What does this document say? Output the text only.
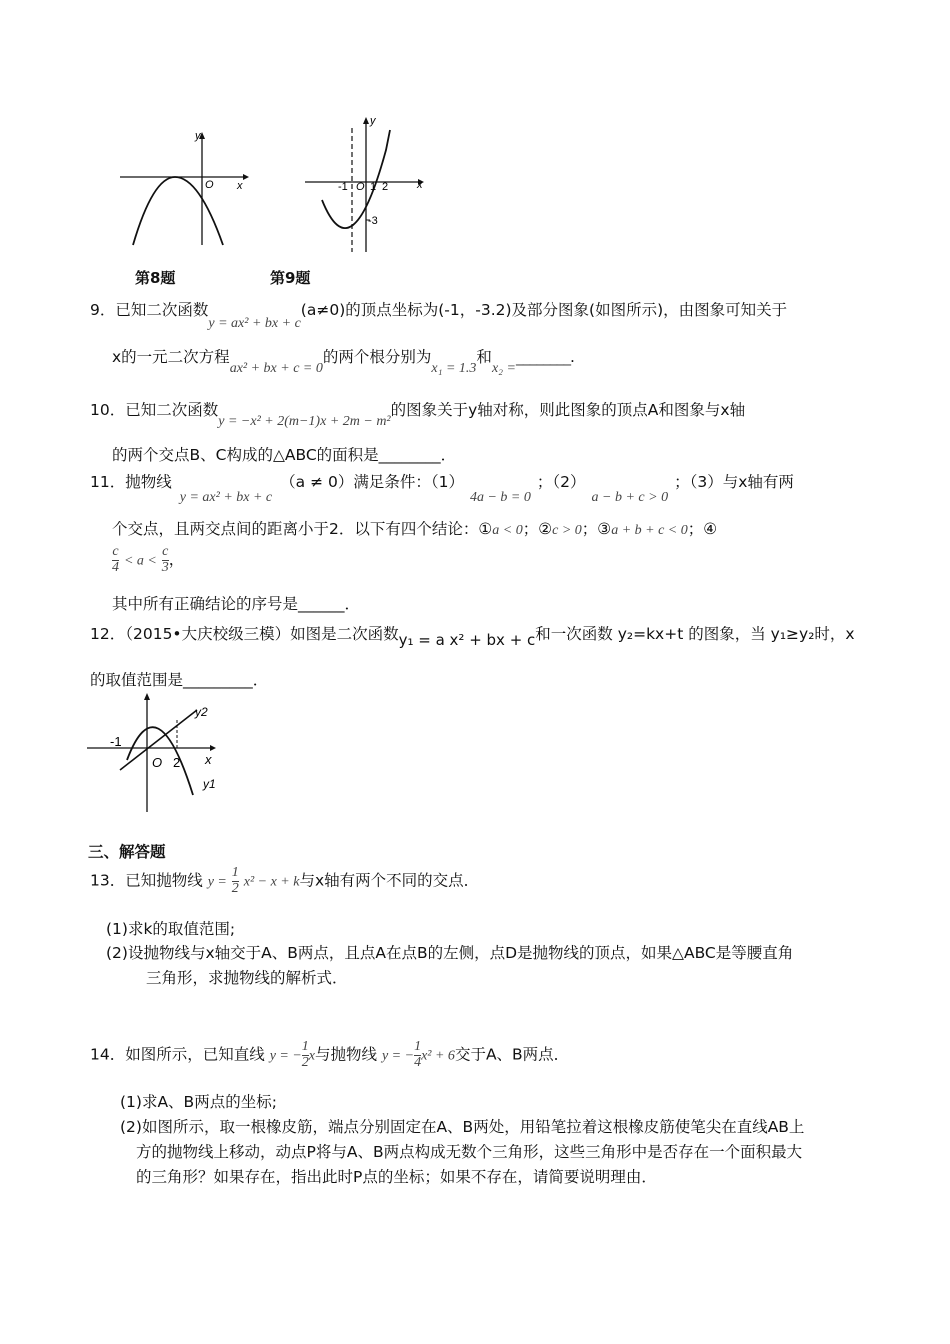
y
x
O
第8题
y
x
-1 O 1 2
-3
第9题
9．已知二次函数y = ax² + bx + c(a≠0)的顶点坐标为(-1，-3.2)及部分图象(如图所示)，由图象可知关于
x的一元二次方程ax² + bx + c = 0的两个根分别为x₁ = 1.3和x₂ =________.
10．已知二次函数y = −x² + 2(m−1)x + 2m − m²的图象关于y轴对称，则此图象的顶点A和图象与x轴
的两个交点B、C构成的△ABC的面积是________．
11．抛物线y = ax² + bx + c（a ≠ 0）满足条件：（1）4a − b = 0；（2）a − b + c > 0；（3）与x轴有两
个交点，且两交点间的距离小于2．以下有四个结论：①a < 0；②c > 0；③a + b + c < 0；④
$\frac{c}{4} < a < \frac{c}{3}$ ，
其中所有正确结论的序号是______．
12．（2015•大庆校级三模）如图是二次函数y₁ = a x² + bx + c和一次函数 y₂=kx+t 的图象，当 y₁≥y₂时，x
的取值范围是_________．
y2
-1
O 2 x
y1
三、解答题
13．已知抛物线 $y = \frac{1}{2} x^2 - x + k$与x轴有两个不同的交点．
(1)求k的取值范围;
(2)设抛物线与x轴交于A、B两点，且点A在点B的左侧，点D是抛物线的顶点，如果△ABC是等腰直角
三角形，求抛物线的解析式．
14．如图所示，已知直线 y = − $\frac{1}{2}$ x与抛物线 y = − $\frac{1}{4} x^2 + 6$交于A、B两点．
(1)求A、B两点的坐标;
(2)如图所示，取一根橡皮筋，端点分别固定在A、B两处，用铅笔拉着这根橡皮筋使笔尖在直线AB上
方的抛物线上移动，动点P将与A、B两点构成无数个三角形，这些三角形中是否存在一个面积最大
的三角形？如果存在，指出此时P点的坐标；如果不存在，请简要说明理由．
